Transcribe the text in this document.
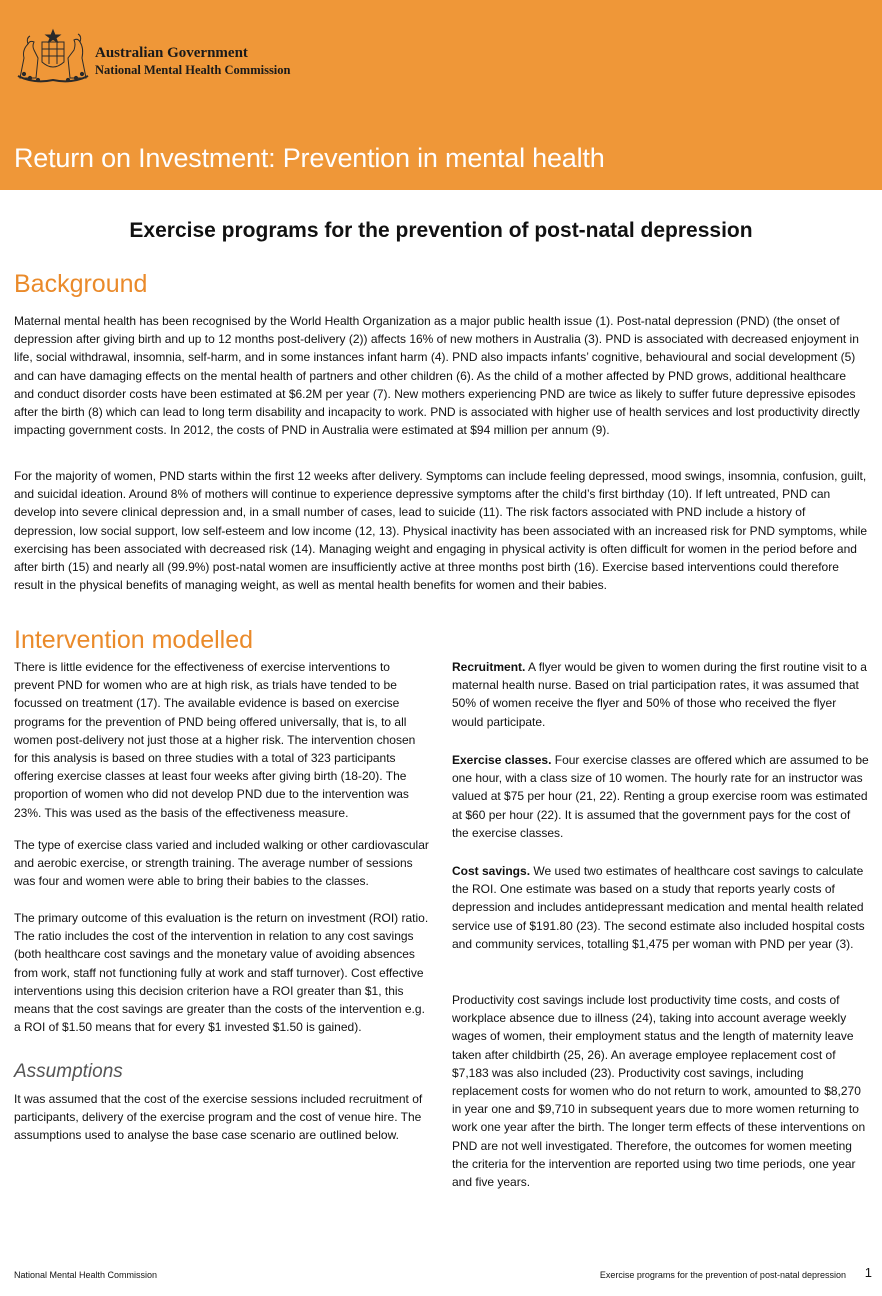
Australian Government
National Mental Health Commission
Return on Investment: Prevention in mental health
Exercise programs for the prevention of post-natal depression
Background

Maternal mental health has been recognised by the World Health Organization as a major public health issue (1). Post-natal depression (PND) (the onset of depression after giving birth and up to 12 months post-delivery (2)) affects 16% of new mothers in Australia (3). PND is associated with decreased enjoyment in life, social withdrawal, insomnia, self-harm, and in some instances infant harm (4). PND also impacts infants’ cognitive, behavioural and social development (5) and can have damaging effects on the mental health of partners and other children (6). As the child of a mother affected by PND grows, additional healthcare and conduct disorder costs have been estimated at $6.2M per year (7). New mothers experiencing PND are twice as likely to suffer future depressive episodes after the birth (8) which can lead to long term disability and incapacity to work. PND is associated with higher use of health services and lost productivity directly impacting government costs. In 2012, the costs of PND in Australia were estimated at $94 million per annum (9).

For the majority of women, PND starts within the first 12 weeks after delivery. Symptoms can include feeling depressed, mood swings, insomnia, confusion, guilt, and suicidal ideation. Around 8% of mothers will continue to experience depressive symptoms after the child’s first birthday (10). If left untreated, PND can develop into severe clinical depression and, in a small number of cases, lead to suicide (11). The risk factors associated with PND include a history of depression, low social support, low self-esteem and low income (12, 13). Physical inactivity has been associated with an increased risk for PND symptoms, while exercising has been associated with decreased risk (14). Managing weight and engaging in physical activity is often difficult for women in the period before and after birth (15) and nearly all (99.9%) post-natal women are insufficiently active at three months post birth (16). Exercise based interventions could therefore result in the physical benefits of managing weight, as well as mental health benefits for women and their babies.

Intervention modelled

There is little evidence for the effectiveness of exercise interventions to prevent PND for women who are at high risk, as trials have tended to be focussed on treatment (17). The available evidence is based on exercise programs for the prevention of PND being offered universally, that is, to all women post-delivery not just those at a higher risk. The intervention chosen for this analysis is based on three studies with a total of 323 participants offering exercise classes at least four weeks after giving birth (18-20). The proportion of women who did not develop PND due to the intervention was 23%. This was used as the basis of the effectiveness measure.

The type of exercise class varied and included walking or other cardiovascular and aerobic exercise, or strength training. The average number of sessions was four and women were able to bring their babies to the classes.

The primary outcome of this evaluation is the return on investment (ROI) ratio. The ratio includes the cost of the intervention in relation to any cost savings (both healthcare cost savings and the monetary value of avoiding absences from work, staff not functioning fully at work and staff turnover). Cost effective interventions using this decision criterion have a ROI greater than $1, this means that the cost savings are greater than the costs of the intervention e.g. a ROI of $1.50 means that for every $1 invested $1.50 is gained).

Assumptions

It was assumed that the cost of the exercise sessions included recruitment of participants, delivery of the exercise program and the cost of venue hire. The assumptions used to analyse the base case scenario are outlined below.

Recruitment. A flyer would be given to women during the first routine visit to a maternal health nurse. Based on trial participation rates, it was assumed that 50% of women receive the flyer and 50% of those who received the flyer would participate.

Exercise classes. Four exercise classes are offered which are assumed to be one hour, with a class size of 10 women. The hourly rate for an instructor was valued at $75 per hour (21, 22). Renting a group exercise room was estimated at $60 per hour (22). It is assumed that the government pays for the cost of the exercise classes.

Cost savings. We used two estimates of healthcare cost savings to calculate the ROI. One estimate was based on a study that reports yearly costs of depression and includes antidepressant medication and mental health related service use of $191.80 (23). The second estimate also included hospital costs and community services, totalling $1,475 per woman with PND per year (3).

Productivity cost savings include lost productivity time costs, and costs of workplace absence due to illness (24), taking into account average weekly wages of women, their employment status and the length of maternity leave taken after childbirth (25, 26). An average employee replacement cost of $7,183 was also included (23). Productivity cost savings, including replacement costs for women who do not return to work, amounted to $8,270 in year one and $9,710 in subsequent years due to more women returning to work one year after the birth. The longer term effects of these interventions on PND are not well investigated. Therefore, the outcomes for women meeting the criteria for the intervention are reported using two time periods, one year and five years.

National Mental Health Commission	Exercise programs for the prevention of post-natal depression 1
